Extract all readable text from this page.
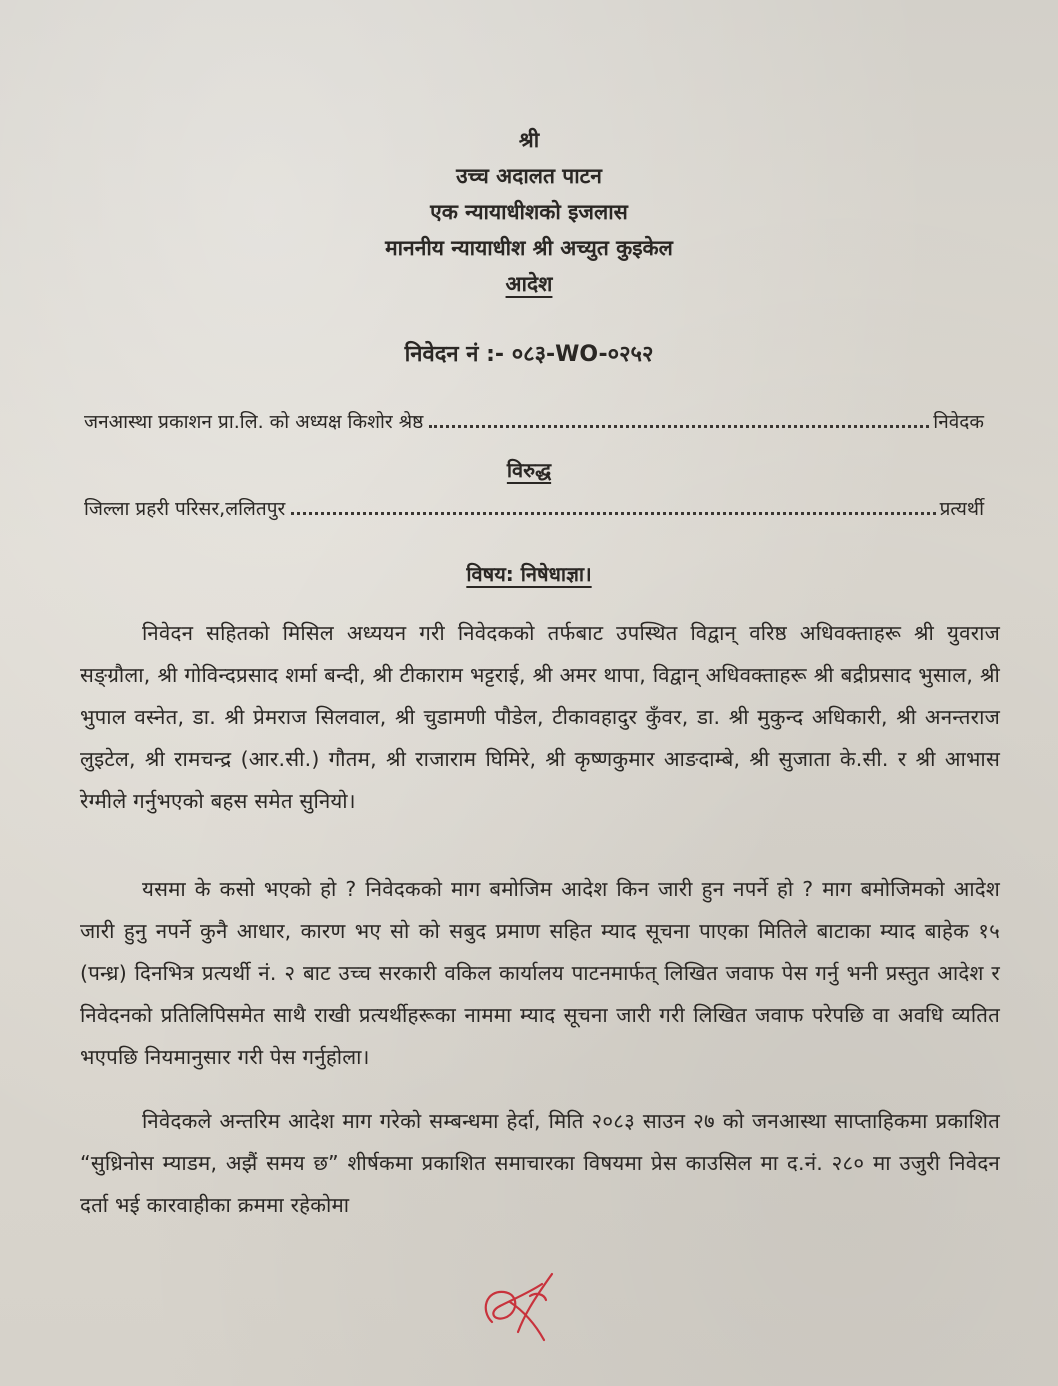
श्री
उच्च अदालत पाटन
एक न्यायाधीशको इजलास
माननीय न्यायाधीश श्री अच्युत कुइकेल
आदेश
निवेदन नं :- ०८३-WO-०२५२
जनआस्था प्रकाशन प्रा.लि. को अध्यक्ष किशोर श्रेष्ठ	निवेदक
विरुद्ध
जिल्ला प्रहरी परिसर,ललितपुर	प्रत्यर्थी
विषय: निषेधाज्ञा।

निवेदन सहितको मिसिल अध्ययन गरी निवेदकको तर्फबाट उपस्थित विद्वान् वरिष्ठ अधिवक्ताहरू श्री युवराज सङ्ग्रौला, श्री गोविन्दप्रसाद शर्मा बन्दी, श्री टीकाराम भट्टराई, श्री अमर थापा, विद्वान् अधिवक्ताहरू श्री बद्रीप्रसाद भुसाल, श्री भुपाल वस्नेत, डा. श्री प्रेमराज सिलवाल, श्री चुडामणी पौडेल, टीकावहादुर कुँवर, डा. श्री मुकुन्द अधिकारी, श्री अनन्तराज लुइटेल, श्री रामचन्द्र (आर.सी.) गौतम, श्री राजाराम घिमिरे, श्री कृष्णकुमार आङदाम्बे, श्री सुजाता के.सी. र श्री आभास रेग्मीले गर्नुभएको बहस समेत सुनियो।

यसमा के कसो भएको हो ? निवेदकको माग बमोजिम आदेश किन जारी हुन नपर्ने हो ? माग बमोजिमको आदेश जारी हुनु नपर्ने कुनै आधार, कारण भए सो को सबुद प्रमाण सहित म्याद सूचना पाएका मितिले बाटाका म्याद बाहेक १५ (पन्ध्र) दिनभित्र प्रत्यर्थी नं. २ बाट उच्च सरकारी वकिल कार्यालय पाटनमार्फत् लिखित जवाफ पेस गर्नु भनी प्रस्तुत आदेश र निवेदनको प्रतिलिपिसमेत साथै राखी प्रत्यर्थीहरूका नाममा म्याद सूचना जारी गरी लिखित जवाफ परेपछि वा अवधि व्यतित भएपछि नियमानुसार गरी पेस गर्नुहोला।

निवेदकले अन्तरिम आदेश माग गरेको सम्बन्धमा हेर्दा, मिति २०८३ साउन २७ को जनआस्था साप्ताहिकमा प्रकाशित “सुध्रिनोस म्याडम, अझैं समय छ” शीर्षकमा प्रकाशित समाचारका विषयमा प्रेस काउसिल मा द.नं. २८० मा उजुरी निवेदन दर्ता भई कारवाहीका क्रममा रहेकोमा
